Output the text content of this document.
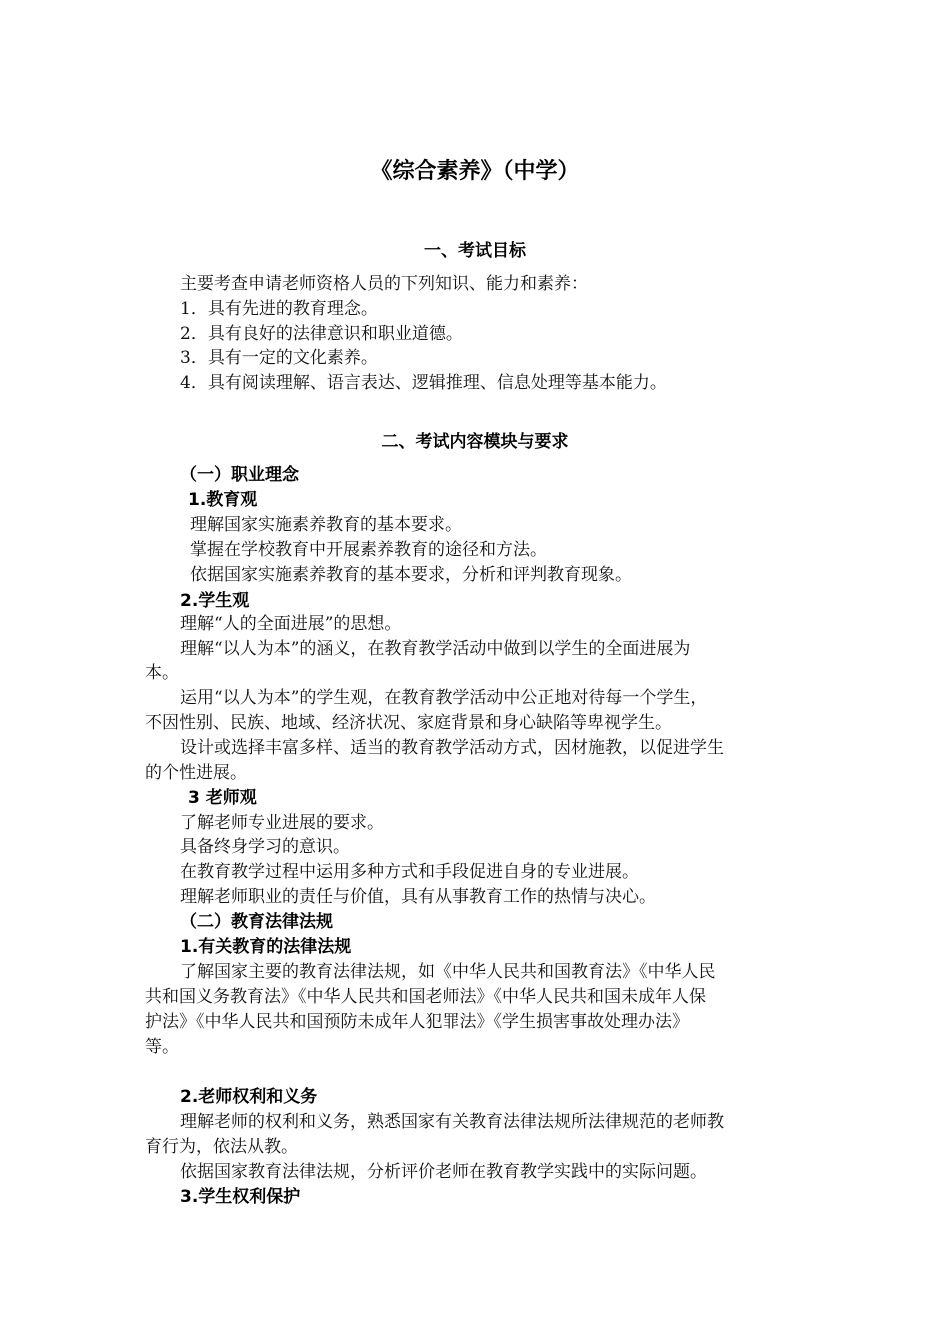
《综合素养》（中学）
一、考试目标
主要考查申请老师资格人员的下列知识、能力和素养：
1．具有先进的教育理念。
2．具有良好的法律意识和职业道德。
3．具有一定的文化素养。
4．具有阅读理解、语言表达、逻辑推理、信息处理等基本能力。
二、考试内容模块与要求
（一）职业理念
1.教育观
理解国家实施素养教育的基本要求。
掌握在学校教育中开展素养教育的途径和方法。
依据国家实施素养教育的基本要求，分析和评判教育现象。
2.学生观
理解“人的全面进展”的思想。
理解“以人为本”的涵义，在教育教学活动中做到以学生的全面进展为
本。
运用“以人为本”的学生观，在教育教学活动中公正地对待每一个学生，
不因性别、民族、地域、经济状况、家庭背景和身心缺陷等卑视学生。
设计或选择丰富多样、适当的教育教学活动方式，因材施教，以促进学生
的个性进展。
3 老师观
了解老师专业进展的要求。
具备终身学习的意识。
在教育教学过程中运用多种方式和手段促进自身的专业进展。
理解老师职业的责任与价值，具有从事教育工作的热情与决心。
（二）教育法律法规
1.有关教育的法律法规
了解国家主要的教育法律法规，如《中华人民共和国教育法》《中华人民
共和国义务教育法》《中华人民共和国老师法》《中华人民共和国未成年人保
护法》《中华人民共和国预防未成年人犯罪法》《学生损害事故处理办法》
等。
2.老师权利和义务
理解老师的权利和义务，熟悉国家有关教育法律法规所法律规范的老师教
育行为，依法从教。
依据国家教育法律法规，分析评价老师在教育教学实践中的实际问题。
3.学生权利保护
